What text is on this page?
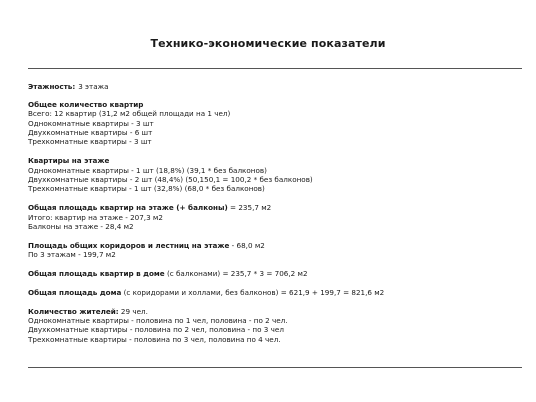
Технико-экономические показатели
Этажность: 3 этажа
Общее количество квартир
Всего: 12 квартир (31,2 м2 общей площади на 1 чел)
Однокомнатные квартиры - 3 шт
Двухкомнатные квартиры - 6 шт
Трехкомнатные квартиры - 3 шт
Квартиры на этаже
Однокомнатные квартиры - 1 шт (18,8%) (39,1 * без балконов)
Двухкомнатные квартиры - 2 шт (48,4%) (50,150,1 = 100,2 * без балконов)
Трехкомнатные квартиры - 1 шт (32,8%) (68,0 * без балконов)
Общая площадь квартир на этаже (+ балконы) = 235,7 м2
Итого: квартир на этаже - 207,3 м2
Балконы на этаже - 28,4 м2
Площадь общих коридоров и лестниц на этаже - 68,0 м2
По 3 этажам - 199,7 м2
Общая площадь квартир в доме (с балконами) = 235,7 * 3 = 706,2 м2
Общая площадь дома (с коридорами и холлами, без балконов) = 621,9 + 199,7 = 821,6 м2
Количество жителей: 29 чел.
Однокомнатные квартиры - половина по 1 чел, половина - по 2 чел.
Двухкомнатные квартиры - половина по 2 чел, половина - по 3 чел
Трехкомнатные квартиры - половина по 3 чел, половина по 4 чел.
